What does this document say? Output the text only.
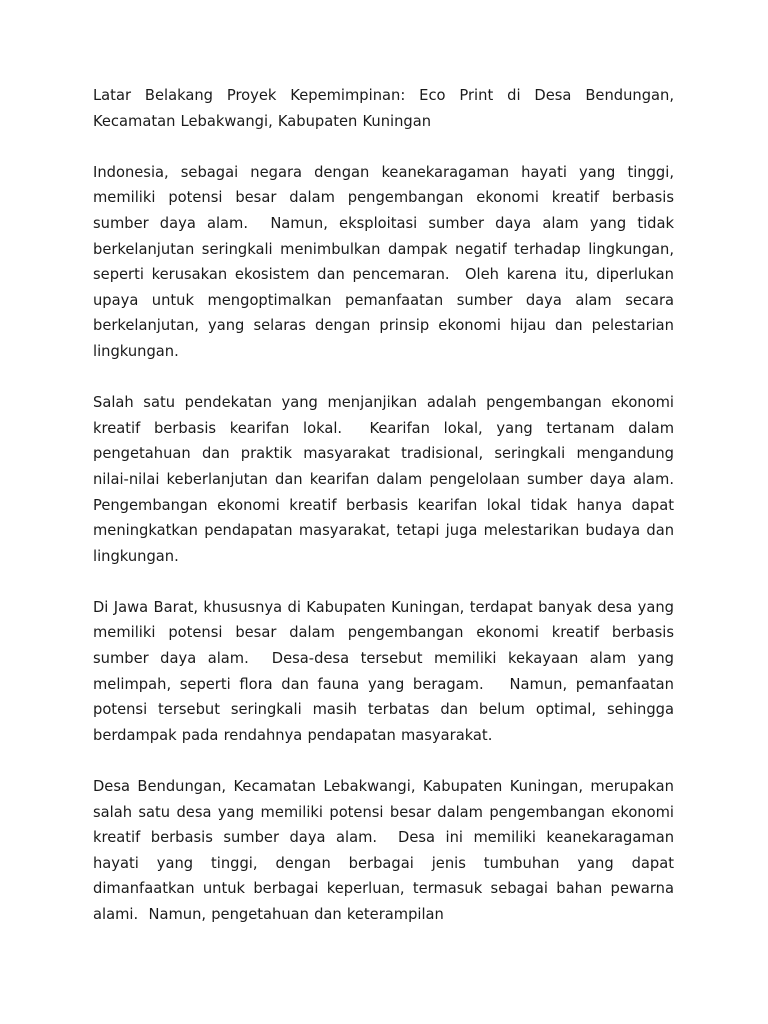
Latar Belakang Proyek Kepemimpinan: Eco Print di Desa Bendungan, Kecamatan Lebakwangi, Kabupaten Kuningan

Indonesia, sebagai negara dengan keanekaragaman hayati yang tinggi, memiliki potensi besar dalam pengembangan ekonomi kreatif berbasis sumber daya alam.  Namun, eksploitasi sumber daya alam yang tidak berkelanjutan seringkali menimbulkan dampak negatif terhadap lingkungan, seperti kerusakan ekosistem dan pencemaran.  Oleh karena itu, diperlukan upaya untuk mengoptimalkan pemanfaatan sumber daya alam secara berkelanjutan, yang selaras dengan prinsip ekonomi hijau dan pelestarian lingkungan.

Salah satu pendekatan yang menjanjikan adalah pengembangan ekonomi kreatif berbasis kearifan lokal.  Kearifan lokal, yang tertanam dalam pengetahuan dan praktik masyarakat tradisional, seringkali mengandung nilai-nilai keberlanjutan dan kearifan dalam pengelolaan sumber daya alam.  Pengembangan ekonomi kreatif berbasis kearifan lokal tidak hanya dapat meningkatkan pendapatan masyarakat, tetapi juga melestarikan budaya dan lingkungan.

Di Jawa Barat, khususnya di Kabupaten Kuningan, terdapat banyak desa yang memiliki potensi besar dalam pengembangan ekonomi kreatif berbasis sumber daya alam.  Desa-desa tersebut memiliki kekayaan alam yang melimpah, seperti flora dan fauna yang beragam.   Namun, pemanfaatan potensi tersebut seringkali masih terbatas dan belum optimal, sehingga berdampak pada rendahnya pendapatan masyarakat.

Desa Bendungan, Kecamatan Lebakwangi, Kabupaten Kuningan, merupakan salah satu desa yang memiliki potensi besar dalam pengembangan ekonomi kreatif berbasis sumber daya alam.  Desa ini memiliki keanekaragaman hayati yang tinggi, dengan berbagai jenis tumbuhan yang dapat dimanfaatkan untuk berbagai keperluan, termasuk sebagai bahan pewarna alami.  Namun, pengetahuan dan keterampilan
